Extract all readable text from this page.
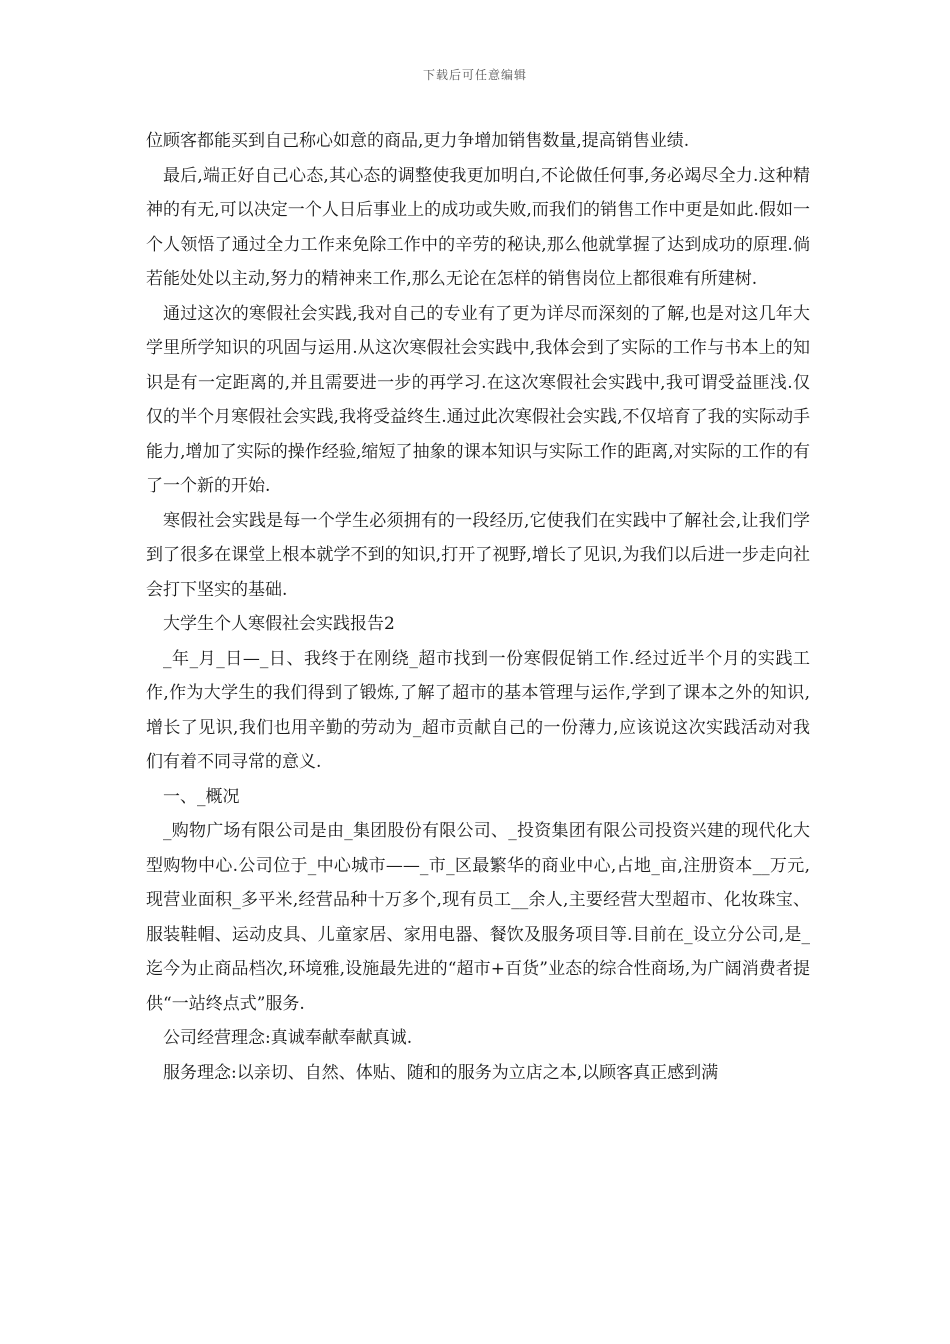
下载后可任意编辑

位顾客都能买到自己称心如意的商品,更力争增加销售数量,提高销售业绩.

最后,端正好自己心态,其心态的调整使我更加明白,不论做任何事,务必竭尽全力.这种精神的有无,可以决定一个人日后事业上的成功或失败,而我们的销售工作中更是如此.假如一个人领悟了通过全力工作来免除工作中的辛劳的秘诀,那么他就掌握了达到成功的原理.倘若能处处以主动,努力的精神来工作,那么无论在怎样的销售岗位上都很难有所建树.

通过这次的寒假社会实践,我对自己的专业有了更为详尽而深刻的了解,也是对这几年大学里所学知识的巩固与运用.从这次寒假社会实践中,我体会到了实际的工作与书本上的知识是有一定距离的,并且需要进一步的再学习.在这次寒假社会实践中,我可谓受益匪浅.仅仅的半个月寒假社会实践,我将受益终生.通过此次寒假社会实践,不仅培育了我的实际动手能力,增加了实际的操作经验,缩短了抽象的课本知识与实际工作的距离,对实际的工作的有了一个新的开始.

寒假社会实践是每一个学生必须拥有的一段经历,它使我们在实践中了解社会,让我们学到了很多在课堂上根本就学不到的知识,打开了视野,增长了见识,为我们以后进一步走向社会打下坚实的基础.

大学生个人寒假社会实践报告2

_年_月_日—_日、我终于在刚绕_超市找到一份寒假促销工作.经过近半个月的实践工作,作为大学生的我们得到了锻炼,了解了超市的基本管理与运作,学到了课本之外的知识,增长了见识,我们也用辛勤的劳动为_超市贡献自己的一份薄力,应该说这次实践活动对我们有着不同寻常的意义.

一、_概况

_购物广场有限公司是由_集团股份有限公司、_投资集团有限公司投资兴建的现代化大型购物中心.公司位于_中心城市——_市_区最繁华的商业中心,占地_亩,注册资本__万元,现营业面积_多平米,经营品种十万多个,现有员工__余人,主要经营大型超市、化妆珠宝、服装鞋帽、运动皮具、儿童家居、家用电器、餐饮及服务项目等.目前在_设立分公司,是_迄今为止商品档次,环境雅,设施最先进的“超市+百货”业态的综合性商场,为广阔消费者提供“一站终点式”服务.

公司经营理念:真诚奉献奉献真诚.

服务理念:以亲切、自然、体贴、随和的服务为立店之本,以顾客真正感到满
